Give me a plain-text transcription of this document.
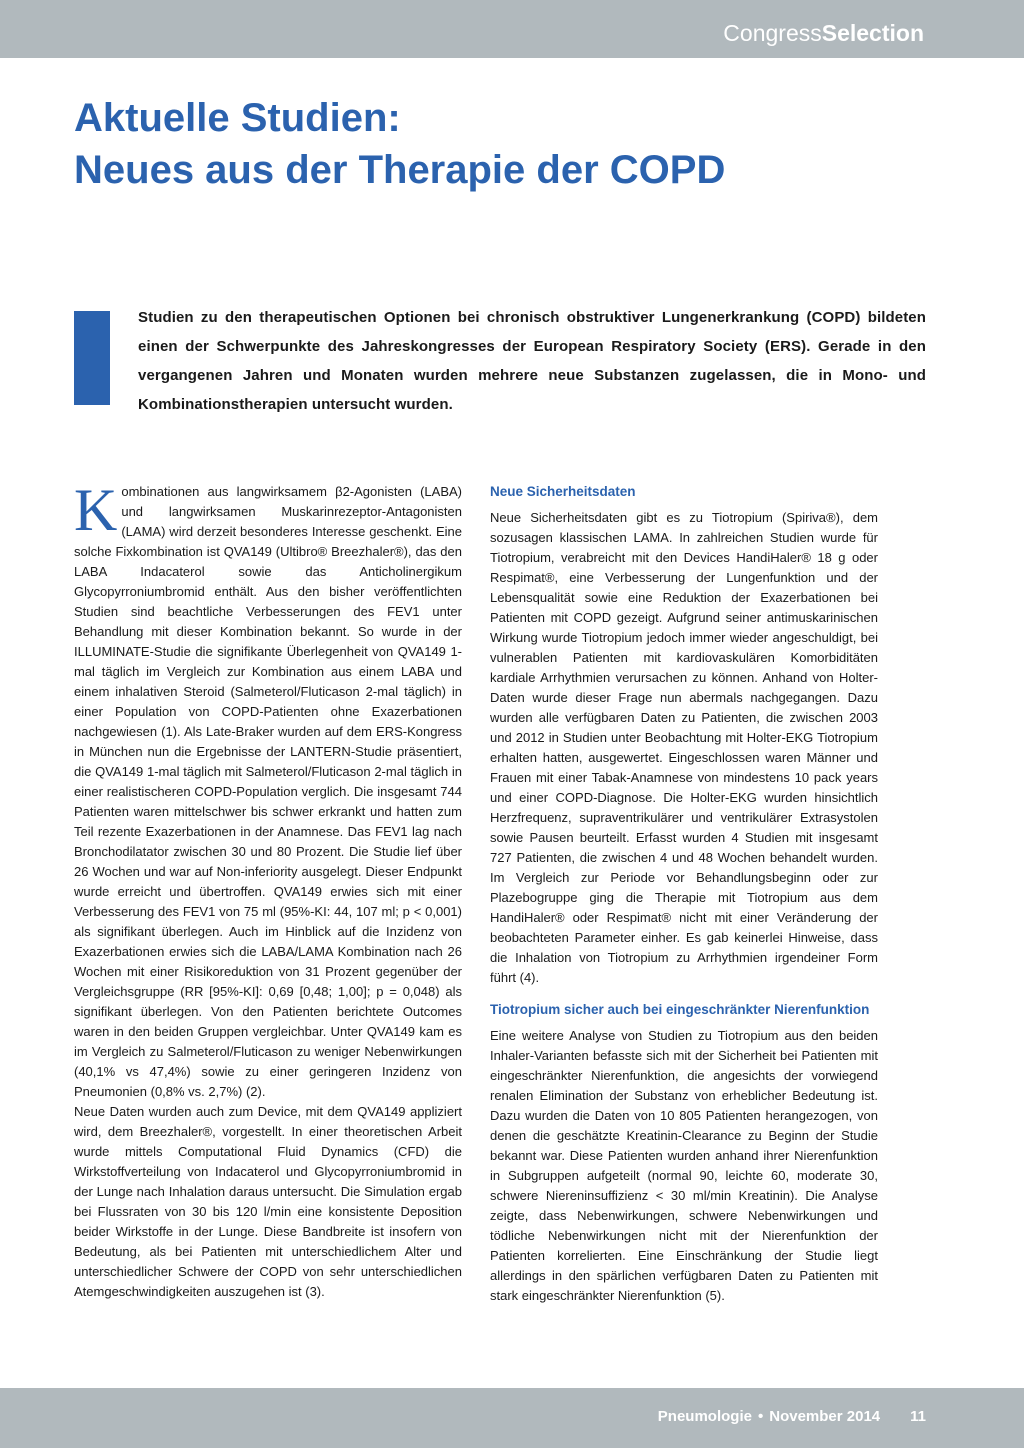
CongressSelection
Aktuelle Studien:
Neues aus der Therapie der COPD

Studien zu den therapeutischen Optionen bei chronisch obstruktiver Lungenerkrankung (COPD) bildeten einen der Schwerpunkte des Jahreskongresses der European Respiratory Society (ERS). Gerade in den vergangenen Jahren und Monaten wurden mehrere neue Substanzen zugelassen, die in Mono- und Kombinationstherapien untersucht wurden.

Kombinationen aus langwirksamem β2-Agonisten (LABA) und langwirksamen Muskarinrezeptor-Antagonisten (LAMA) wird derzeit besonderes Interesse geschenkt. Eine solche Fixkombination ist QVA149 (Ultibro® Breezhaler®), das den LABA Indacaterol sowie das Anticholinergikum Glycopyrroniumbromid enthält. Aus den bisher veröffentlichten Studien sind beachtliche Verbesserungen des FEV1 unter Behandlung mit dieser Kombination bekannt. So wurde in der ILLUMINATE-Studie die signifikante Überlegenheit von QVA149 1-mal täglich im Vergleich zur Kombination aus einem LABA und einem inhalativen Steroid (Salmeterol/Fluticason 2-mal täglich) in einer Population von COPD-Patienten ohne Exazerbationen nachgewiesen (1). Als Late-Braker wurden auf dem ERS-Kongress in München nun die Ergebnisse der LANTERN-Studie präsentiert, die QVA149 1-mal täglich mit Salmeterol/Fluticason 2-mal täglich in einer realistischeren COPD-Population verglich. Die insgesamt 744 Patienten waren mittelschwer bis schwer erkrankt und hatten zum Teil rezente Exazerbationen in der Anamnese. Das FEV1 lag nach Bronchodilatator zwischen 30 und 80 Prozent. Die Studie lief über 26 Wochen und war auf Non-inferiority ausgelegt. Dieser Endpunkt wurde erreicht und übertroffen. QVA149 erwies sich mit einer Verbesserung des FEV1 von 75 ml (95%-KI: 44, 107 ml; p < 0,001) als signifikant überlegen. Auch im Hinblick auf die Inzidenz von Exazerbationen erwies sich die LABA/LAMA Kombination nach 26 Wochen mit einer Risikoreduktion von 31 Prozent gegenüber der Vergleichsgruppe (RR [95%-KI]: 0,69 [0,48; 1,00]; p = 0,048) als signifikant überlegen. Von den Patienten berichtete Outcomes waren in den beiden Gruppen vergleichbar. Unter QVA149 kam es im Vergleich zu Salmeterol/Fluticason zu weniger Nebenwirkungen (40,1% vs 47,4%) sowie zu einer geringeren Inzidenz von Pneumonien (0,8% vs. 2,7%) (2).

Neue Daten wurden auch zum Device, mit dem QVA149 appliziert wird, dem Breezhaler®, vorgestellt. In einer theoretischen Arbeit wurde mittels Computational Fluid Dynamics (CFD) die Wirkstoffverteilung von Indacaterol und Glycopyrroniumbromid in der Lunge nach Inhalation daraus untersucht. Die Simulation ergab bei Flussraten von 30 bis 120 l/min eine konsistente Deposition beider Wirkstoffe in der Lunge. Diese Bandbreite ist insofern von Bedeutung, als bei Patienten mit unterschiedlichem Alter und unterschiedlicher Schwere der COPD von sehr unterschiedlichen Atemgeschwindigkeiten auszugehen ist (3).

Neue Sicherheitsdaten

Neue Sicherheitsdaten gibt es zu Tiotropium (Spiriva®), dem sozusagen klassischen LAMA. In zahlreichen Studien wurde für Tiotropium, verabreicht mit den Devices HandiHaler® 18 g oder Respimat®, eine Verbesserung der Lungenfunktion und der Lebensqualität sowie eine Reduktion der Exazerbationen bei Patienten mit COPD gezeigt. Aufgrund seiner antimuskarinischen Wirkung wurde Tiotropium jedoch immer wieder angeschuldigt, bei vulnerablen Patienten mit kardiovaskulären Komorbiditäten kardiale Arrhythmien verursachen zu können. Anhand von Holter-Daten wurde dieser Frage nun abermals nachgegangen. Dazu wurden alle verfügbaren Daten zu Patienten, die zwischen 2003 und 2012 in Studien unter Beobachtung mit Holter-EKG Tiotropium erhalten hatten, ausgewertet. Eingeschlossen waren Männer und Frauen mit einer Tabak-Anamnese von mindestens 10 pack years und einer COPD-Diagnose. Die Holter-EKG wurden hinsichtlich Herzfrequenz, supraventrikulärer und ventrikulärer Extrasystolen sowie Pausen beurteilt. Erfasst wurden 4 Studien mit insgesamt 727 Patienten, die zwischen 4 und 48 Wochen behandelt wurden. Im Vergleich zur Periode vor Behandlungsbeginn oder zur Plazebogruppe ging die Therapie mit Tiotropium aus dem HandiHaler® oder Respimat® nicht mit einer Veränderung der beobachteten Parameter einher. Es gab keinerlei Hinweise, dass die Inhalation von Tiotropium zu Arrhythmien irgendeiner Form führt (4).

Tiotropium sicher auch bei eingeschränkter Nierenfunktion

Eine weitere Analyse von Studien zu Tiotropium aus den beiden Inhaler-Varianten befasste sich mit der Sicherheit bei Patienten mit eingeschränkter Nierenfunktion, die angesichts der vorwiegend renalen Elimination der Substanz von erheblicher Bedeutung ist. Dazu wurden die Daten von 10 805 Patienten herangezogen, von denen die geschätzte Kreatinin-Clearance zu Beginn der Studie bekannt war. Diese Patienten wurden anhand ihrer Nierenfunktion in Subgruppen aufgeteilt (normal 90, leichte 60, moderate 30, schwere Niereninsuffizienz < 30 ml/min Kreatinin). Die Analyse zeigte, dass Nebenwirkungen, schwere Nebenwirkungen und tödliche Nebenwirkungen nicht mit der Nierenfunktion der Patienten korrelierten. Eine Einschränkung der Studie liegt allerdings in den spärlichen verfügbaren Daten zu Patienten mit stark eingeschränkter Nierenfunktion (5).

Pneumologie • November 2014 11
